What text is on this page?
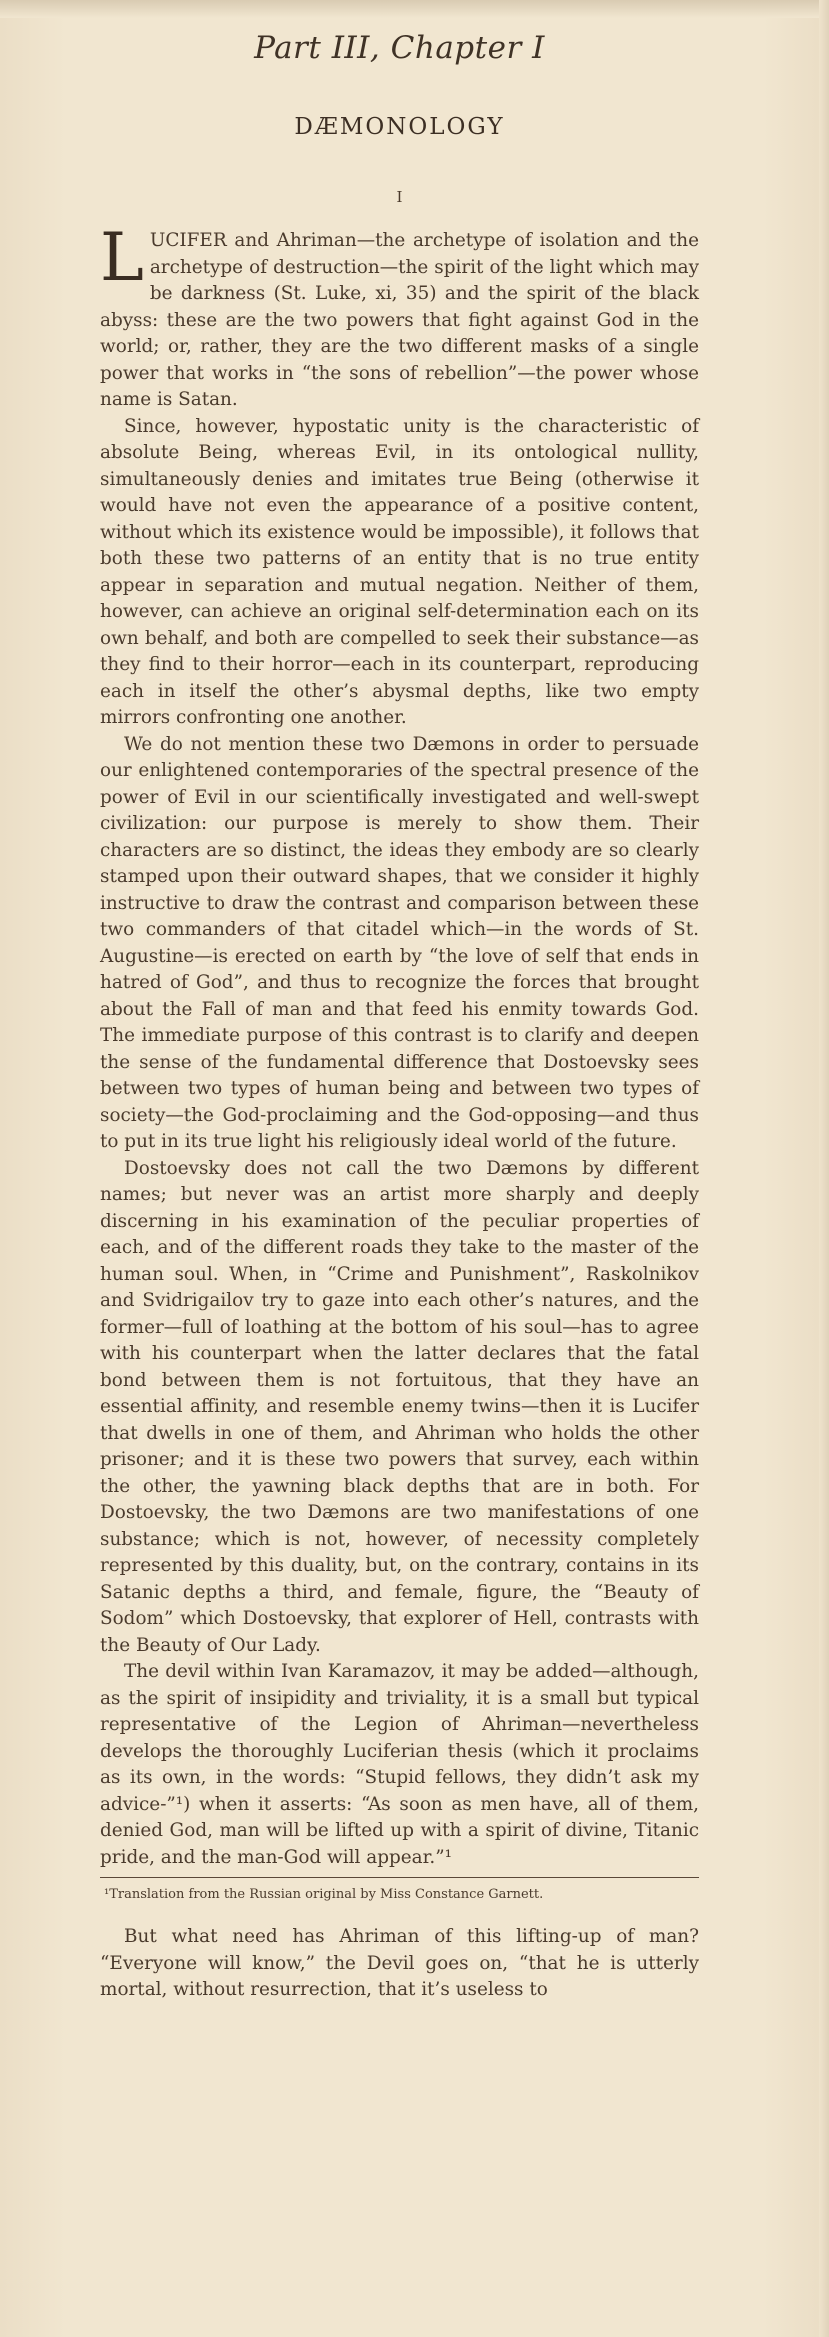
Part III, Chapter I
DÆMONOLOGY
I

LUCIFER and Ahriman—the archetype of isolation and the archetype of destruction—the spirit of the light which may be darkness (St. Luke, xi, 35) and the spirit of the black abyss: these are the two powers that fight against God in the world; or, rather, they are the two different masks of a single power that works in “the sons of rebellion”—the power whose name is Satan.

Since, however, hypostatic unity is the characteristic of absolute Being, whereas Evil, in its ontological nullity, simultaneously denies and imitates true Being (otherwise it would have not even the appearance of a positive content, without which its existence would be impossible), it follows that both these two patterns of an entity that is no true entity appear in separation and mutual negation. Neither of them, however, can achieve an original self-determination each on its own behalf, and both are compelled to seek their substance—as they find to their horror—each in its counterpart, reproducing each in itself the other’s abysmal depths, like two empty mirrors confronting one another.

We do not mention these two Dæmons in order to persuade our enlightened contemporaries of the spectral presence of the power of Evil in our scientifically investigated and well-swept civilization: our purpose is merely to show them. Their characters are so distinct, the ideas they embody are so clearly stamped upon their outward shapes, that we consider it highly instructive to draw the contrast and comparison between these two commanders of that citadel which—in the words of St. Augustine—is erected on earth by “the love of self that ends in hatred of God”, and thus to recognize the forces that brought about the Fall of man and that feed his enmity towards God. The immediate purpose of this contrast is to clarify and deepen the sense of the fundamental difference that Dostoevsky sees between two types of human being and between two types of society—the God-proclaiming and the God-opposing—and thus to put in its true light his religiously ideal world of the future.

Dostoevsky does not call the two Dæmons by different names; but never was an artist more sharply and deeply discerning in his examination of the peculiar properties of each, and of the different roads they take to the master of the human soul. When, in “Crime and Punishment”, Raskolnikov and Svidrigailov try to gaze into each other’s natures, and the former—full of loathing at the bottom of his soul—has to agree with his counterpart when the latter declares that the fatal bond between them is not fortuitous, that they have an essential affinity, and resemble enemy twins—then it is Lucifer that dwells in one of them, and Ahriman who holds the other prisoner; and it is these two powers that survey, each within the other, the yawning black depths that are in both. For Dostoevsky, the two Dæmons are two manifestations of one substance; which is not, however, of necessity completely represented by this duality, but, on the contrary, contains in its Satanic depths a third, and female, figure, the “Beauty of Sodom” which Dostoevsky, that explorer of Hell, contrasts with the Beauty of Our Lady.

The devil within Ivan Karamazov, it may be added—although, as the spirit of insipidity and triviality, it is a small but typical representative of the Legion of Ahriman—nevertheless develops the thoroughly Luciferian thesis (which it proclaims as its own, in the words: “Stupid fellows, they didn’t ask my advice-”¹) when it asserts: “As soon as men have, all of them, denied God, man will be lifted up with a spirit of divine, Titanic pride, and the man-God will appear.”¹

¹Translation from the Russian original by Miss Constance Garnett.

But what need has Ahriman of this lifting-up of man? “Everyone will know,” the Devil goes on, “that he is utterly mortal, without resurrection, that it’s useless to
